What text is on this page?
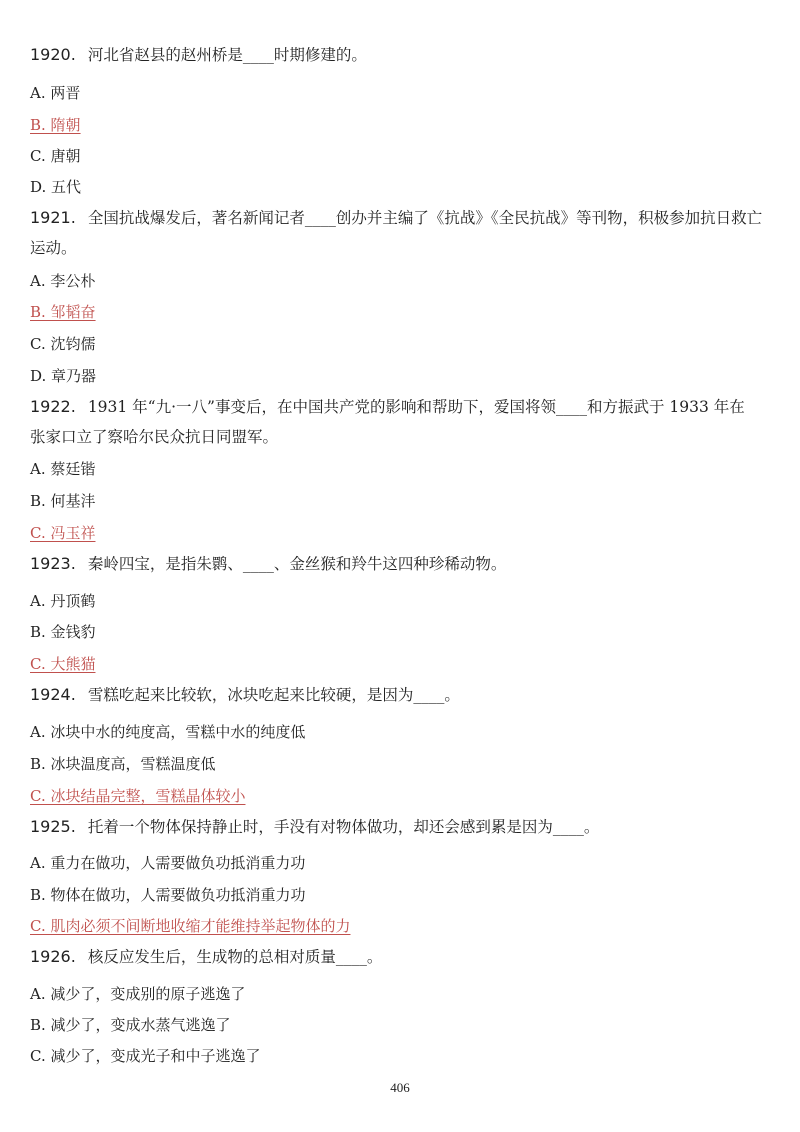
1920. 河北省赵县的赵州桥是____时期修建的。
A. 两晋
B. 隋朝
C. 唐朝
D. 五代
1921. 全国抗战爆发后，著名新闻记者____创办并主编了《抗战》《全民抗战》等刊物，积极参加抗日救亡
运动。
A. 李公朴
B. 邹韬奋
C. 沈钧儒
D. 章乃器
1922. 1931 年“九·一八”事变后，在中国共产党的影响和帮助下，爱国将领____和方振武于 1933 年在
张家口立了察哈尔民众抗日同盟军。
A. 蔡廷锴
B. 何基沣
C. 冯玉祥
1923. 秦岭四宝，是指朱鹮、____、金丝猴和羚牛这四种珍稀动物。
A. 丹顶鹤
B. 金钱豹
C. 大熊猫
1924. 雪糕吃起来比较软，冰块吃起来比较硬，是因为____。
A. 冰块中水的纯度高，雪糕中水的纯度低
B. 冰块温度高，雪糕温度低
C. 冰块结晶完整，雪糕晶体较小
1925. 托着一个物体保持静止时，手没有对物体做功，却还会感到累是因为____。
A. 重力在做功，人需要做负功抵消重力功
B. 物体在做功，人需要做负功抵消重力功
C. 肌肉必须不间断地收缩才能维持举起物体的力
1926. 核反应发生后，生成物的总相对质量____。
A. 减少了，变成别的原子逃逸了
B. 减少了，变成水蒸气逃逸了
C. 减少了，变成光子和中子逃逸了
406
